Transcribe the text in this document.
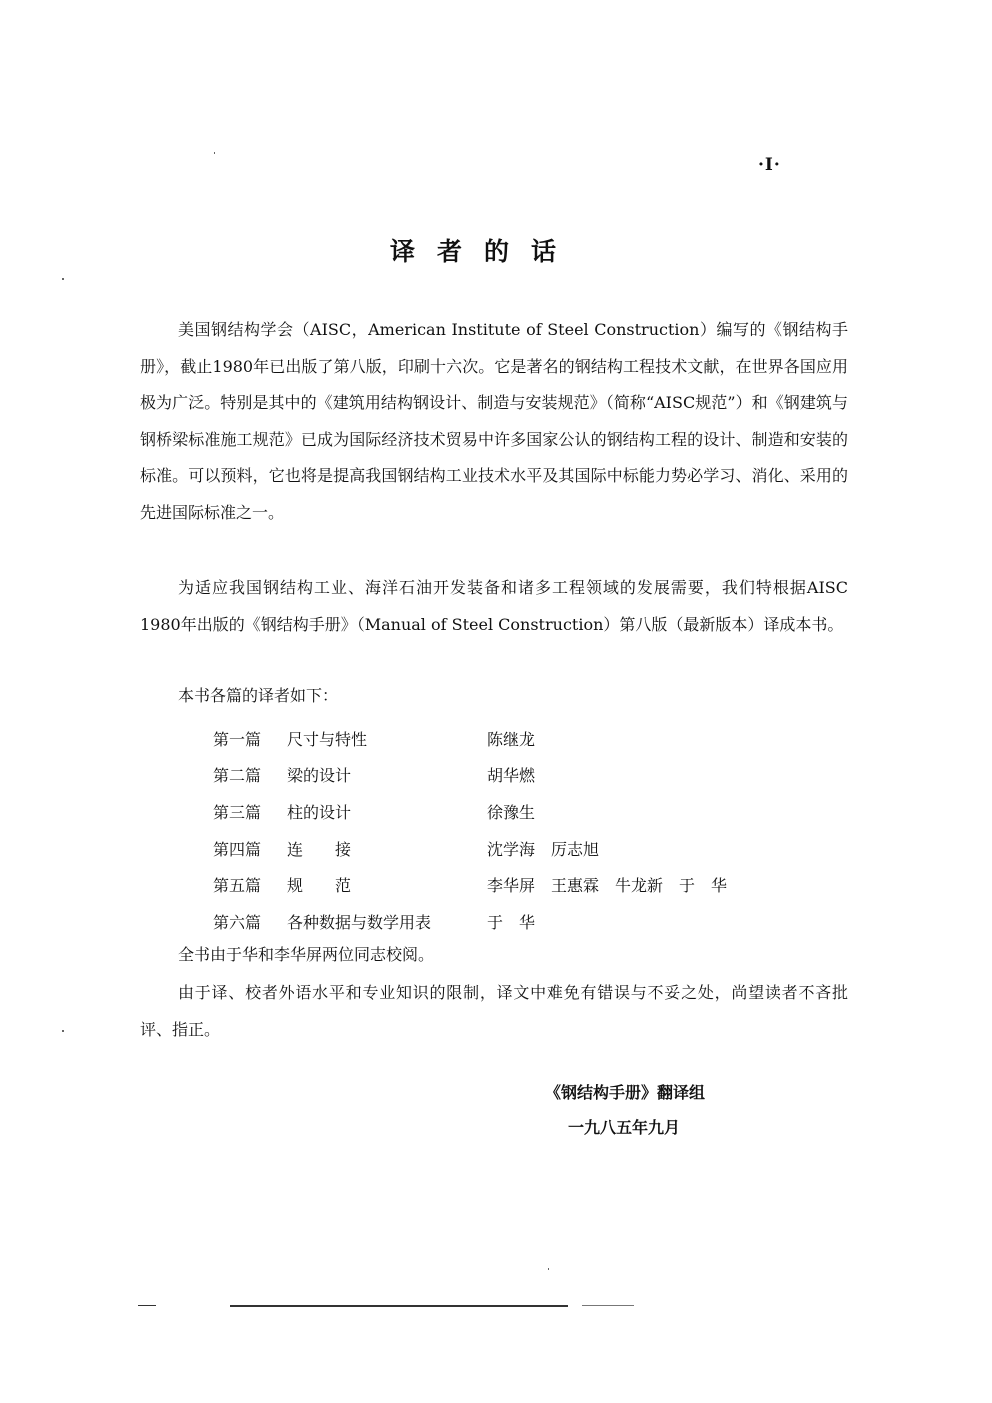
·I·
译者的话

美国钢结构学会（AISC，American Institute of Steel Construction）编写的《钢结构手册》，截止1980年已出版了第八版，印刷十六次。它是著名的钢结构工程技术文献，在世界各国应用极为广泛。特别是其中的《建筑用结构钢设计、制造与安装规范》（简称“AISC规范”）和《钢建筑与钢桥梁标准施工规范》已成为国际经济技术贸易中许多国家公认的钢结构工程的设计、制造和安装的标准。可以预料，它也将是提高我国钢结构工业技术水平及其国际中标能力势必学习、消化、采用的先进国际标准之一。

为适应我国钢结构工业、海洋石油开发装备和诸多工程领域的发展需要，我们特根据AISC 1980年出版的《钢结构手册》（Manual of Steel Construction）第八版（最新版本）译成本书。

本书各篇的译者如下：
第一篇	尺寸与特性	陈继龙
第二篇	梁的设计	胡华燃
第三篇	柱的设计	徐豫生
第四篇	连　　接	沈学海　厉志旭
第五篇	规　　范	李华屏　王惠霖　牛龙新　于　华
第六篇	各种数据与数学用表	于　华
全书由于华和李华屏两位同志校阅。

由于译、校者外语水平和专业知识的限制，译文中难免有错误与不妥之处，尚望读者不吝批评、指正。

《钢结构手册》翻译组
一九八五年九月
